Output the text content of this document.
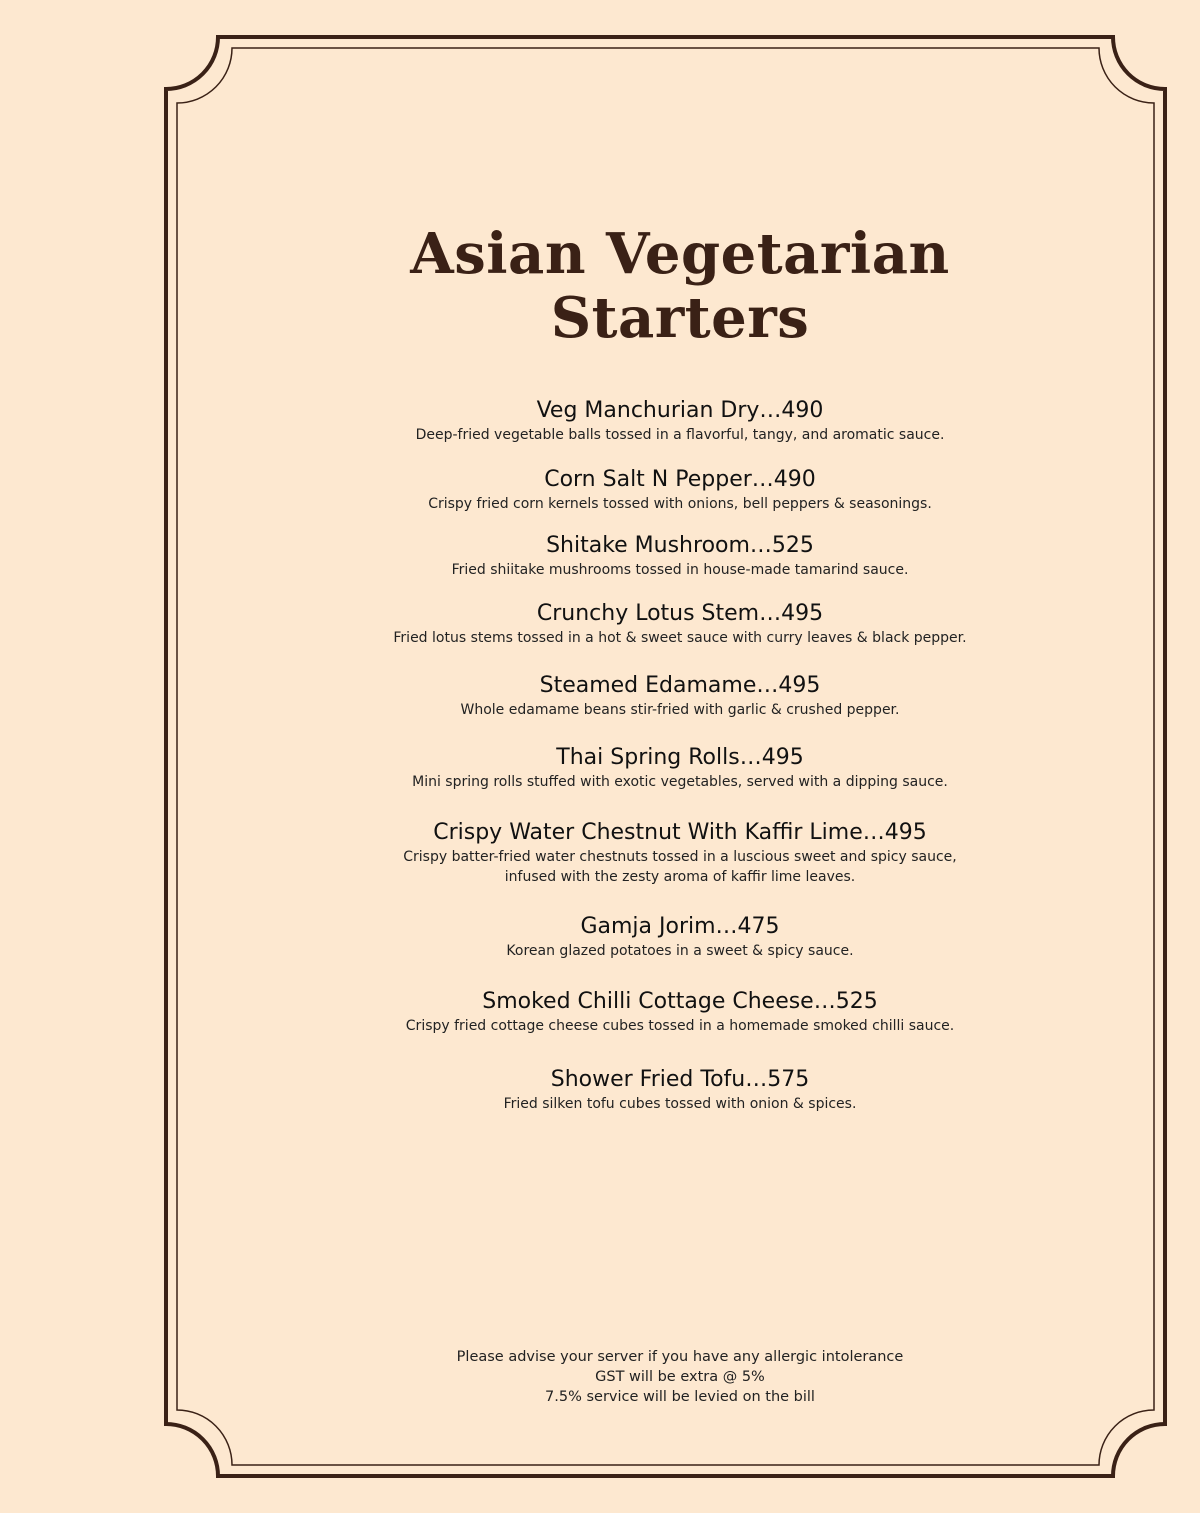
Asian Vegetarian
Starters
Veg Manchurian Dry…490
Deep-fried vegetable balls tossed in a flavorful, tangy, and aromatic sauce.
Corn Salt N Pepper…490
Crispy fried corn kernels tossed with onions, bell peppers & seasonings.
Shitake Mushroom…525
Fried shiitake mushrooms tossed in house-made tamarind sauce.
Crunchy Lotus Stem…495
Fried lotus stems tossed in a hot & sweet sauce with curry leaves & black pepper.
Steamed Edamame…495
Whole edamame beans stir-fried with garlic & crushed pepper.
Thai Spring Rolls…495
Mini spring rolls stuffed with exotic vegetables, served with a dipping sauce.
Crispy Water Chestnut With Kaffir Lime…495
Crispy batter-fried water chestnuts tossed in a luscious sweet and spicy sauce,
infused with the zesty aroma of kaffir lime leaves.
Gamja Jorim…475
Korean glazed potatoes in a sweet & spicy sauce.
Smoked Chilli Cottage Cheese…525
Crispy fried cottage cheese cubes tossed in a homemade smoked chilli sauce.
Shower Fried Tofu…575
Fried silken tofu cubes tossed with onion & spices.
Please advise your server if you have any allergic intolerance
GST will be extra @ 5%
7.5% service will be levied on the bill
